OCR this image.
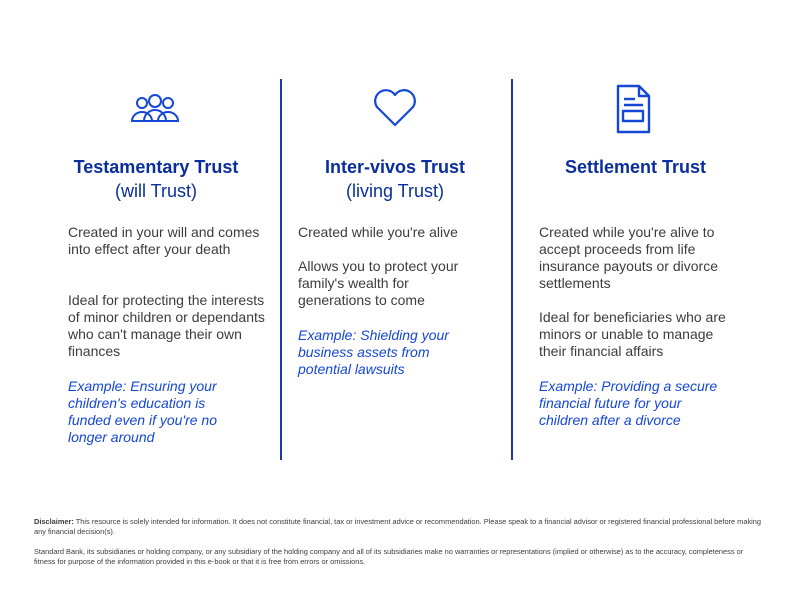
Testamentary Trust
(will Trust)
Created in your will and comes into effect after your death
Ideal for protecting the interests of minor children or dependants who can't manage their own finances
Example: Ensuring your children's education is funded even if you're no longer around
Inter-vivos Trust
(living Trust)
Created while you're alive
Allows you to protect your family's wealth for generations to come
Example: Shielding your business assets from potential lawsuits
Settlement Trust
Created while you're alive to accept proceeds from life insurance payouts or divorce settlements
Ideal for beneficiaries who are minors or unable to manage their financial affairs
Example: Providing a secure financial future for your children after a divorce
Disclaimer: This resource is solely intended for information. It does not constitute financial, tax or investment advice or recommendation. Please speak to a financial advisor or registered financial professional before making any financial decision(s).
Standard Bank, its subsidiaries or holding company, or any subsidiary of the holding company and all of its subsidiaries make no warranties or representations (implied or otherwise) as to the accuracy, completeness or fitness for purpose of the information provided in this e-book or that it is free from errors or omissions.
